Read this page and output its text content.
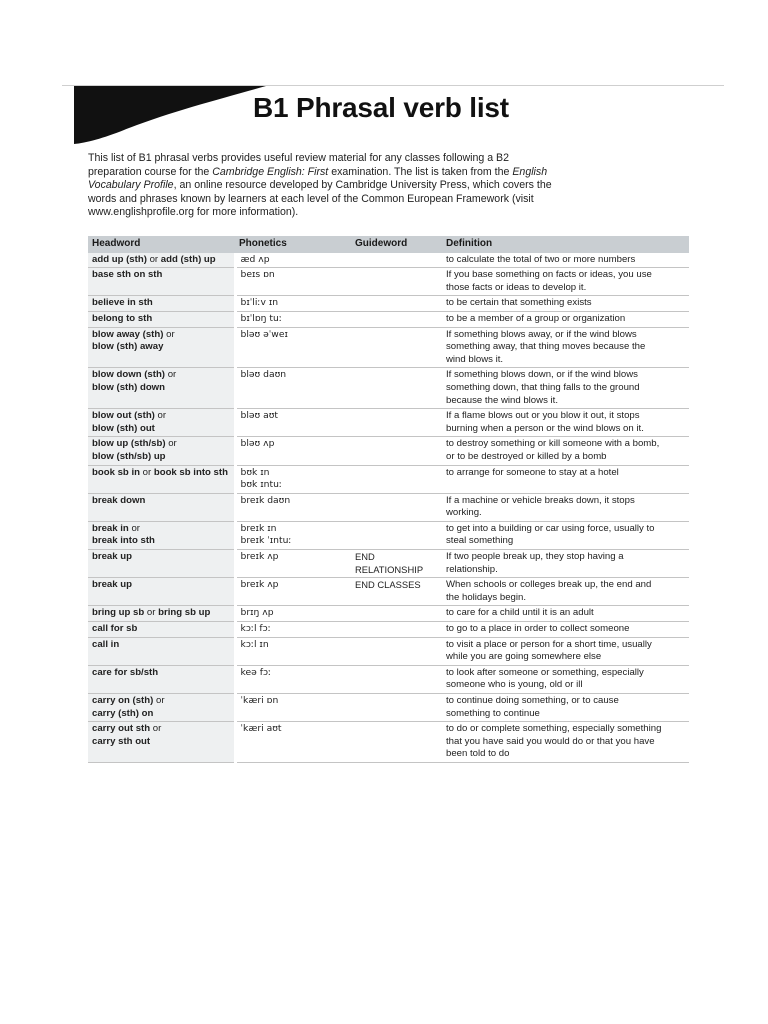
B1 Phrasal verb list

This list of B1 phrasal verbs provides useful review material for any classes following a B2 preparation course for the Cambridge English: First examination. The list is taken from the English Vocabulary Profile, an online resource developed by Cambridge University Press, which covers the words and phrases known by learners at each level of the Common European Framework (visit www.englishprofile.org for more information).

Headword	Phonetics	Guideword	Definition
add up (sth) or add (sth) up	æd ʌp		to calculate the total of two or more numbers

base sth on sth	beɪs ɒn		If you base something on facts or ideas, you use
those facts or ideas to develop it.

believe in sth	bɪˈliːv ɪn		to be certain that something exists

belong to sth	bɪˈlɒŋ tuː		to be a member of a group or organization

blow away (sth) or
blow (sth) away	bləʊ əˈweɪ		If something blows away, or if the wind blows
something away, that thing moves because the
wind blows it.

blow down (sth) or
blow (sth) down	bləʊ daʊn		If something blows down, or if the wind blows
something down, that thing falls to the ground
because the wind blows it.

blow out (sth) or
blow (sth) out	bləʊ aʊt		If a flame blows out or you blow it out, it stops
burning when a person or the wind blows on it.

blow up (sth/sb) or
blow (sth/sb) up	bləʊ ʌp		to destroy something or kill someone with a bomb,
or to be destroyed or killed by a bomb

book sb in or book sb into sth	bʊk ɪn
bʊk ɪntuː		to arrange for someone to stay at a hotel

break down	breɪk daʊn		If a machine or vehicle breaks down, it stops
working.

break in or
break into sth	breɪk ɪn
breɪk ˈɪntuː		to get into a building or car using force, usually to
steal something

break up	breɪk ʌp	END
RELATIONSHIP	If two people break up, they stop having a
relationship.

break up	breɪk ʌp	END CLASSES	When schools or colleges break up, the end and
the holidays begin.

bring up sb or bring sb up	brɪŋ ʌp		to care for a child until it is an adult

call for sb	kɔːl fɔː		to go to a place in order to collect someone

call in	kɔːl ɪn		to visit a place or person for a short time, usually
while you are going somewhere else

care for sb/sth	keə fɔː		to look after someone or something, especially
someone who is young, old or ill

carry on (sth) or
carry (sth) on	ˈkæri ɒn		to continue doing something, or to cause
something to continue

carry out sth or
carry sth out	ˈkæri aʊt		to do or complete something, especially something
that you have said you would do or that you have
been told to do
